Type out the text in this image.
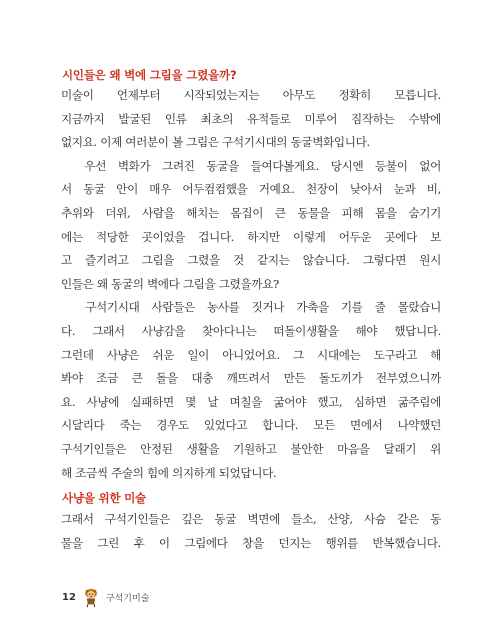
시인들은 왜 벽에 그림을 그렸을까?

미술이 언제부터 시작되었는지는 아무도 정확히 모릅니다.
지금까지 발굴된 인류 최초의 유적들로 미루어 짐작하는 수밖에
없지요. 이제 여러분이 볼 그림은 구석기시대의 동굴벽화입니다.

우선 벽화가 그려진 동굴을 들여다볼게요. 당시엔 등불이 없어
서 동굴 안이 매우 어두컴컴했을 거예요. 천장이 낮아서 눈과 비,
추위와 더위, 사람을 해치는 몸집이 큰 동물을 피해 몸을 숨기기
에는 적당한 곳이었을 겁니다. 하지만 이렇게 어두운 곳에다 보
고 즐기려고 그림을 그렸을 것 같지는 않습니다. 그렇다면 원시
인들은 왜 동굴의 벽에다 그림을 그렸을까요?

구석기시대 사람들은 농사를 짓거나 가축을 기를 줄 몰랐습니
다. 그래서 사냥감을 찾아다니는 떠돌이생활을 해야 했답니다.
그런데 사냥은 쉬운 일이 아니었어요. 그 시대에는 도구라고 해
봐야 조금 큰 돌을 대충 깨뜨려서 만든 돌도끼가 전부였으니까
요. 사냥에 실패하면 몇 날 며칠을 굶어야 했고, 심하면 굶주림에
시달리다 죽는 경우도 있었다고 합니다. 모든 면에서 나약했던
구석기인들은 안정된 생활을 기원하고 불안한 마음을 달래기 위
해 조금씩 주술의 힘에 의지하게 되었답니다.

사냥을 위한 미술

그래서 구석기인들은 깊은 동굴 벽면에 들소, 산양, 사슴 같은 동
물을 그린 후 이 그림에다 창을 던지는 행위를 반복했습니다.

12	구석기미술
